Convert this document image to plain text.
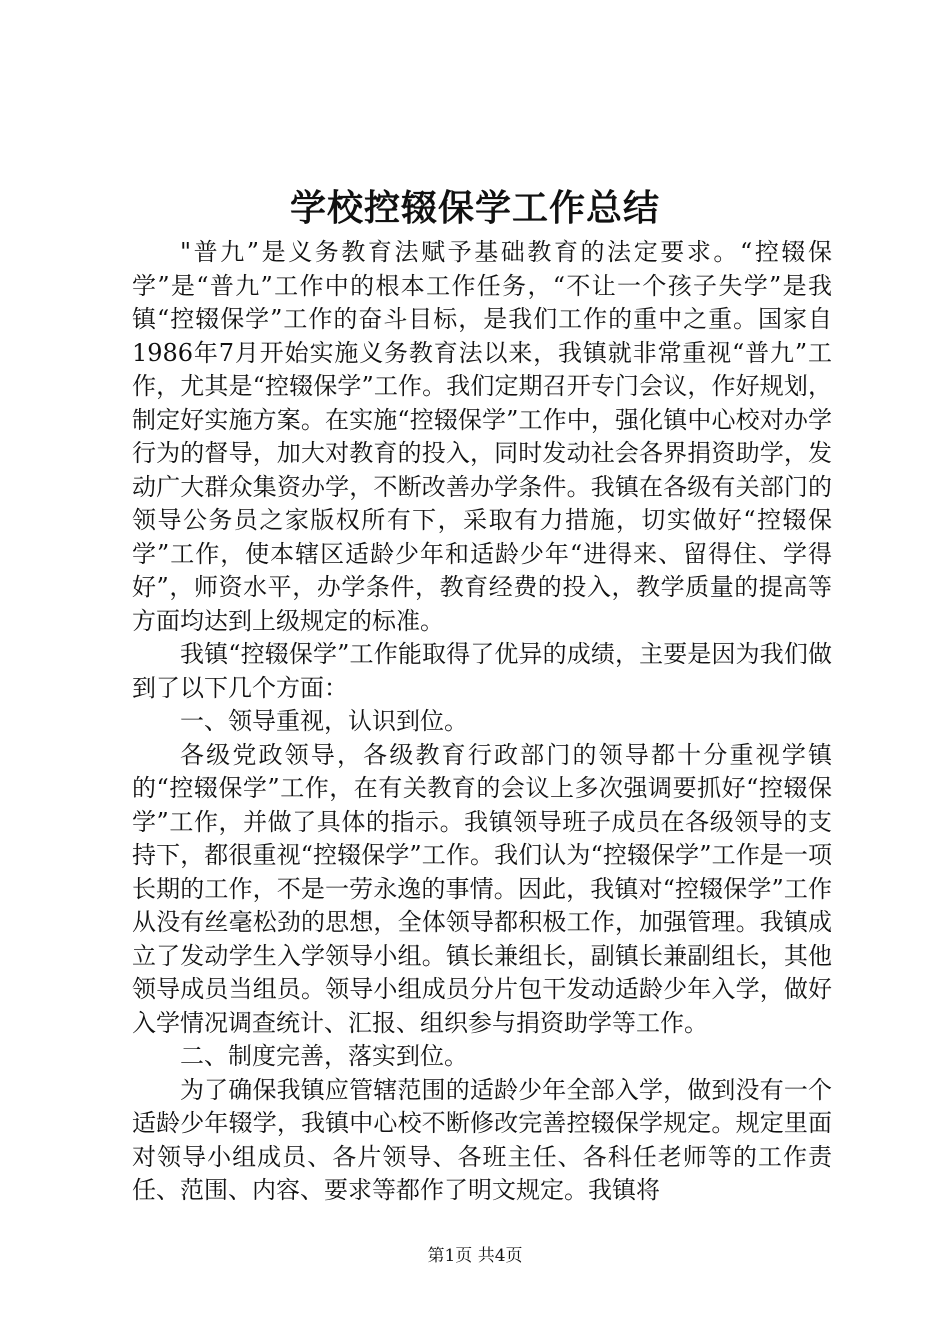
学校控辍保学工作总结

"普九”是义务教育法赋予基础教育的法定要求。“控辍保学”是“普九”工作中的根本工作任务，“不让一个孩子失学”是我镇“控辍保学”工作的奋斗目标，是我们工作的重中之重。国家自1986年7月开始实施义务教育法以来，我镇就非常重视“普九”工作，尤其是“控辍保学”工作。我们定期召开专门会议，作好规划，制定好实施方案。在实施“控辍保学”工作中，强化镇中心校对办学行为的督导，加大对教育的投入，同时发动社会各界捐资助学，发动广大群众集资办学，不断改善办学条件。我镇在各级有关部门的领导公务员之家版权所有下，采取有力措施，切实做好“控辍保学”工作，使本辖区适龄少年和适龄少年“进得来、留得住、学得好”，师资水平，办学条件，教育经费的投入，教学质量的提高等方面均达到上级规定的标准。

我镇“控辍保学”工作能取得了优异的成绩，主要是因为我们做到了以下几个方面：

一、领导重视，认识到位。

各级党政领导，各级教育行政部门的领导都十分重视学镇的“控辍保学”工作，在有关教育的会议上多次强调要抓好“控辍保学”工作，并做了具体的指示。我镇领导班子成员在各级领导的支持下，都很重视“控辍保学”工作。我们认为“控辍保学”工作是一项长期的工作，不是一劳永逸的事情。因此，我镇对“控辍保学”工作从没有丝毫松劲的思想，全体领导都积极工作，加强管理。我镇成立了发动学生入学领导小组。镇长兼组长，副镇长兼副组长，其他领导成员当组员。领导小组成员分片包干发动适龄少年入学，做好入学情况调查统计、汇报、组织参与捐资助学等工作。

二、制度完善，落实到位。

为了确保我镇应管辖范围的适龄少年全部入学，做到没有一个适龄少年辍学，我镇中心校不断修改完善控辍保学规定。规定里面对领导小组成员、各片领导、各班主任、各科任老师等的工作责任、范围、内容、要求等都作了明文规定。我镇将

第1页 共4页
